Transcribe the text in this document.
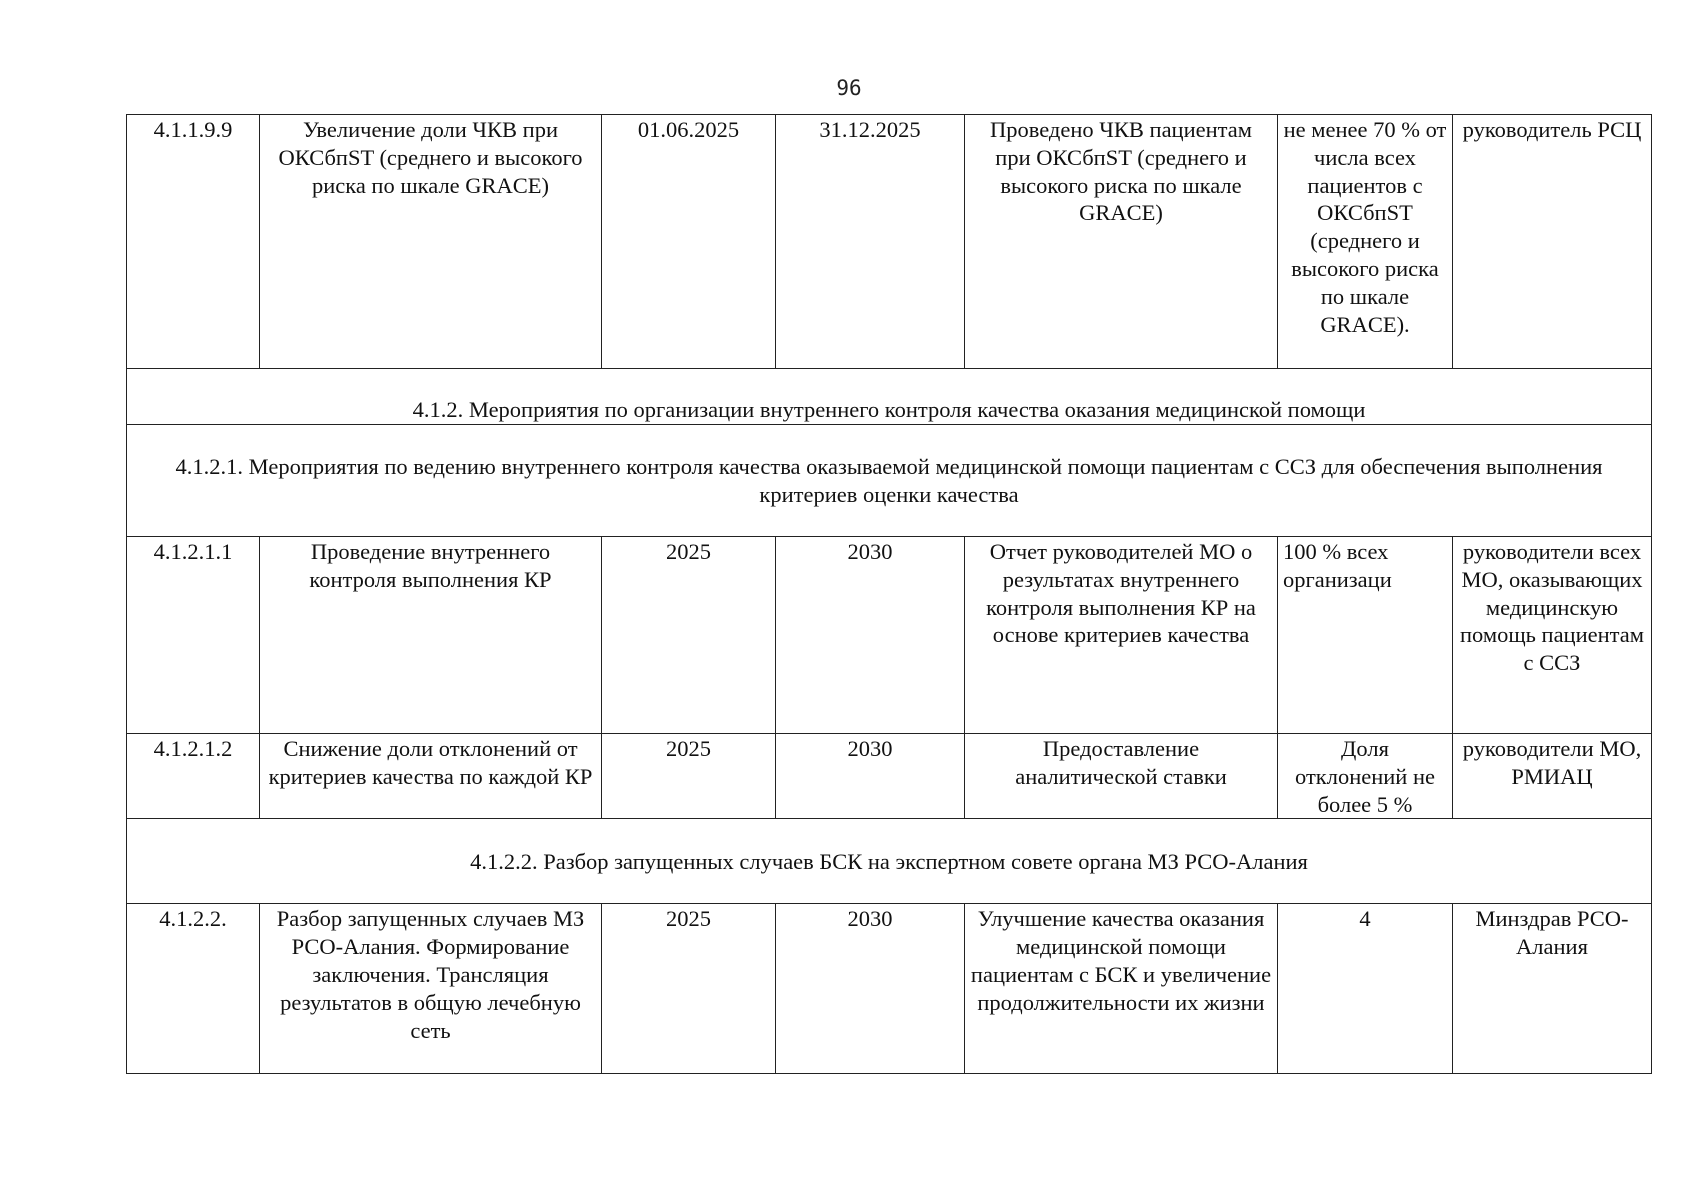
96
4.1.1.9.9	Увеличение доли ЧКВ при ОКСбпST (среднего и высокого риска по шкале GRACE)	01.06.2025	31.12.2025	Проведено ЧКВ пациентам при ОКСбпST (среднего и высокого риска по шкале GRACE)	не менее 70 % от числа всех пациентов с ОКСбпST (среднего и высокого риска по шкале GRACE).	руководитель РСЦ
4.1.2. Мероприятия по организации внутреннего контроля качества оказания медицинской помощи						
4.1.2.1. Мероприятия по ведению внутреннего контроля качества оказываемой медицинской помощи пациентам с ССЗ для обеспечения выполнения критериев оценки качества						
4.1.2.1.1	Проведение внутреннего контроля выполнения КР	2025	2030	Отчет руководителей МО о результатах внутреннего контроля выполнения КР на основе критериев качества	100 % всех организаци	руководители всех МО, оказывающих медицинскую помощь пациентам с ССЗ
4.1.2.1.2	Снижение доли отклонений от критериев качества по каждой КР	2025	2030	Предоставление аналитической ставки	Доля отклонений не более 5 %	руководители МО, РМИАЦ
4.1.2.2. Разбор запущенных случаев БСК на экспертном совете органа МЗ РСО-Алания						
4.1.2.2.	Разбор запущенных случаев МЗ РСО-Алания. Формирование заключения. Трансляция результатов в общую лечебную сеть	2025	2030	Улучшение качества оказания медицинской помощи пациентам с БСК и увеличение продолжительности их жизни	4	Минздрав РСО-Алания
